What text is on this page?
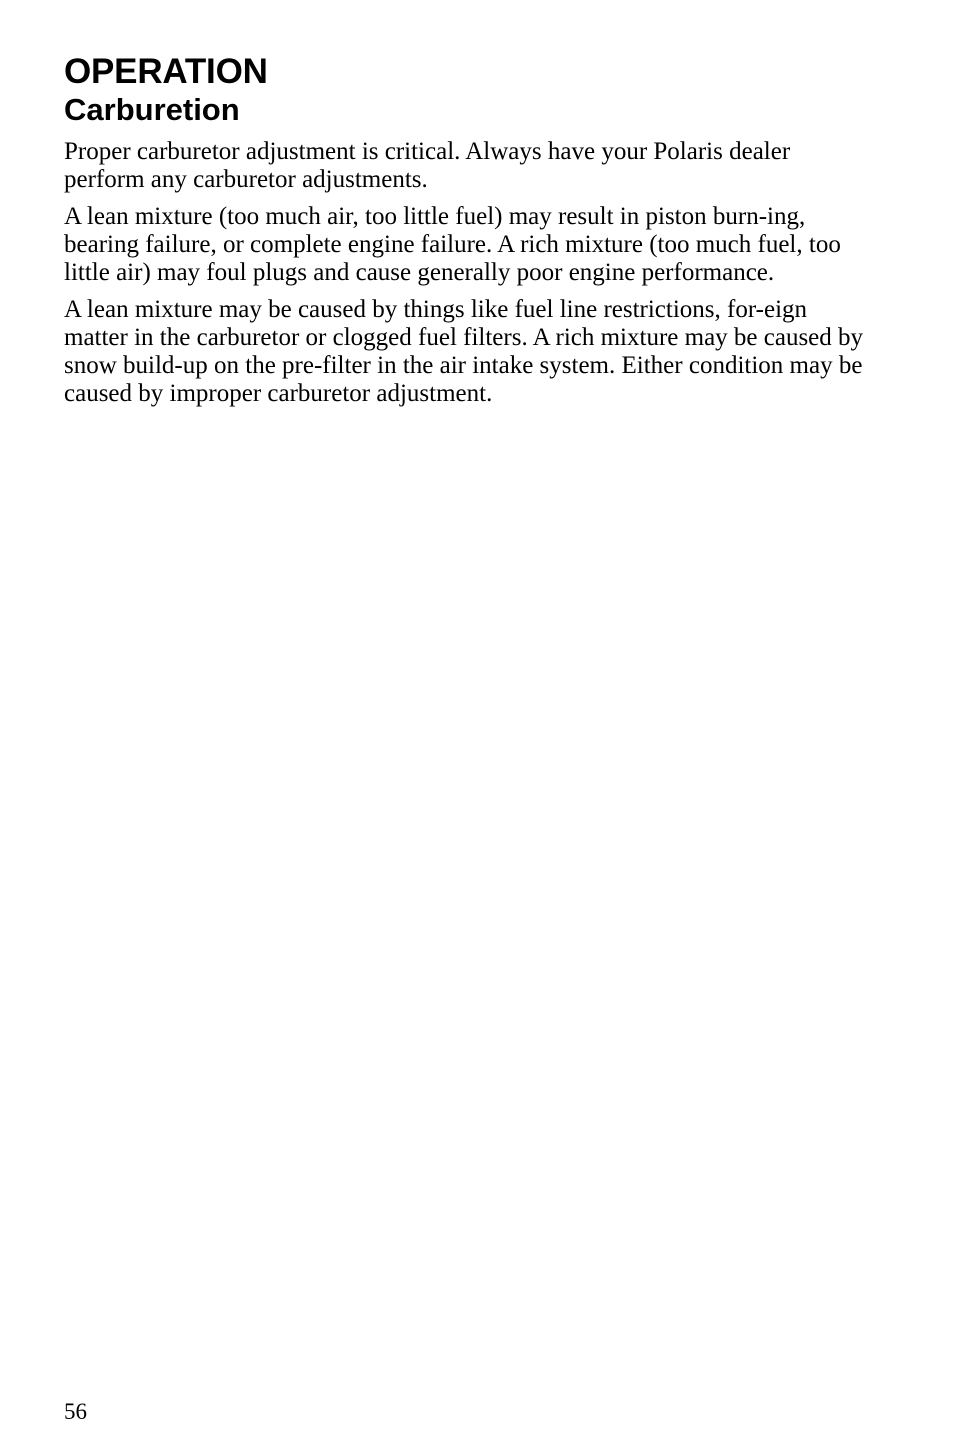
OPERATION
Carburetion

Proper carburetor adjustment is critical. Always have your Polaris dealer perform any carburetor adjustments.

A lean mixture (too much air, too little fuel) may result in piston burn-ing, bearing failure, or complete engine failure. A rich mixture (too much fuel, too little air) may foul plugs and cause generally poor engine performance.

A lean mixture may be caused by things like fuel line restrictions, for-eign matter in the carburetor or clogged fuel filters. A rich mixture may be caused by snow build-up on the pre-filter in the air intake system. Either condition may be caused by improper carburetor adjustment.

56
